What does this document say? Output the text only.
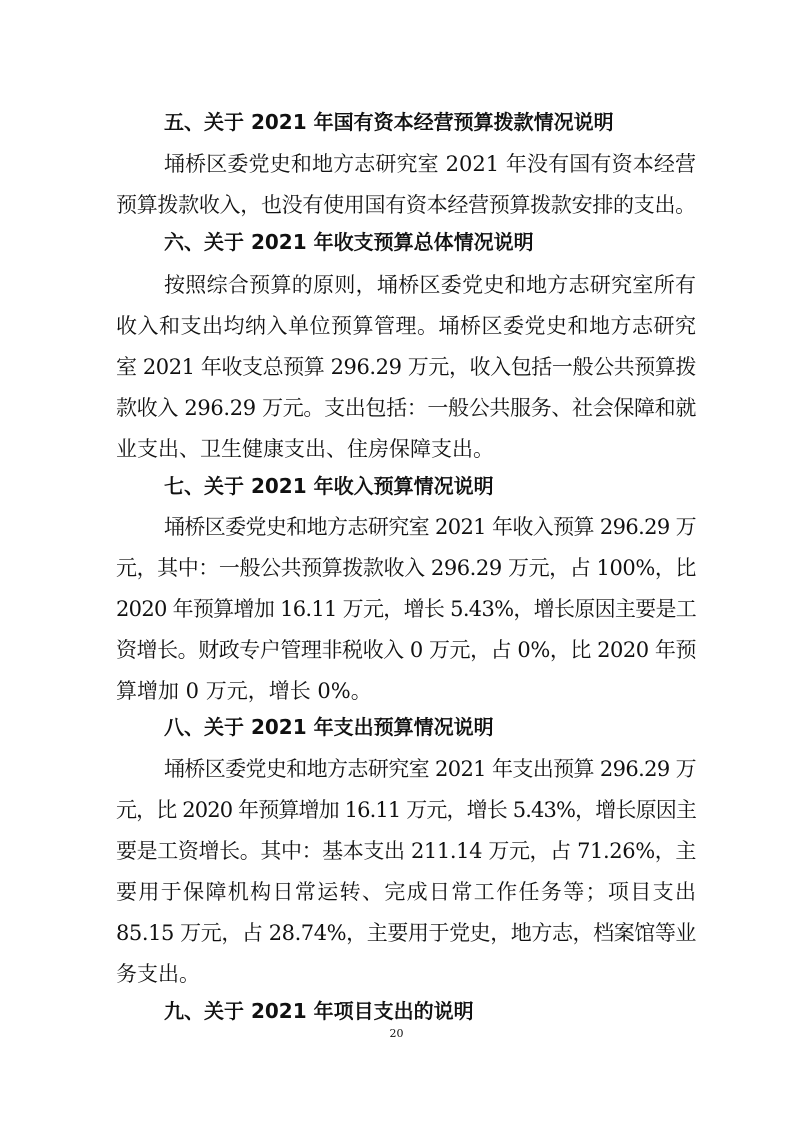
五、关于 2021 年国有资本经营预算拨款情况说明

埇桥区委党史和地方志研究室 2021 年没有国有资本经营

预算拨款收入，也没有使用国有资本经营预算拨款安排的支出。

六、关于 2021 年收支预算总体情况说明

按照综合预算的原则，埇桥区委党史和地方志研究室所有

收入和支出均纳入单位预算管理。埇桥区委党史和地方志研究

室 2021 年收支总预算 296.29 万元，收入包括一般公共预算拨

款收入 296.29 万元。支出包括：一般公共服务、社会保障和就

业支出、卫生健康支出、住房保障支出。

七、关于 2021 年收入预算情况说明

埇桥区委党史和地方志研究室 2021 年收入预算 296.29 万

元，其中：一般公共预算拨款收入 296.29 万元，占 100%，比

2020 年预算增加 16.11 万元，增长 5.43%，增长原因主要是工

资增长。财政专户管理非税收入 0 万元，占 0%，比 2020 年预

算增加 0 万元，增长 0%。

八、关于 2021 年支出预算情况说明

埇桥区委党史和地方志研究室 2021 年支出预算 296.29 万

元，比 2020 年预算增加 16.11 万元，增长 5.43%，增长原因主

要是工资增长。其中：基本支出 211.14 万元，占 71.26%，主

要用于保障机构日常运转、完成日常工作任务等；项目支出

85.15 万元，占 28.74%，主要用于党史，地方志，档案馆等业

务支出。

九、关于 2021 年项目支出的说明
20
